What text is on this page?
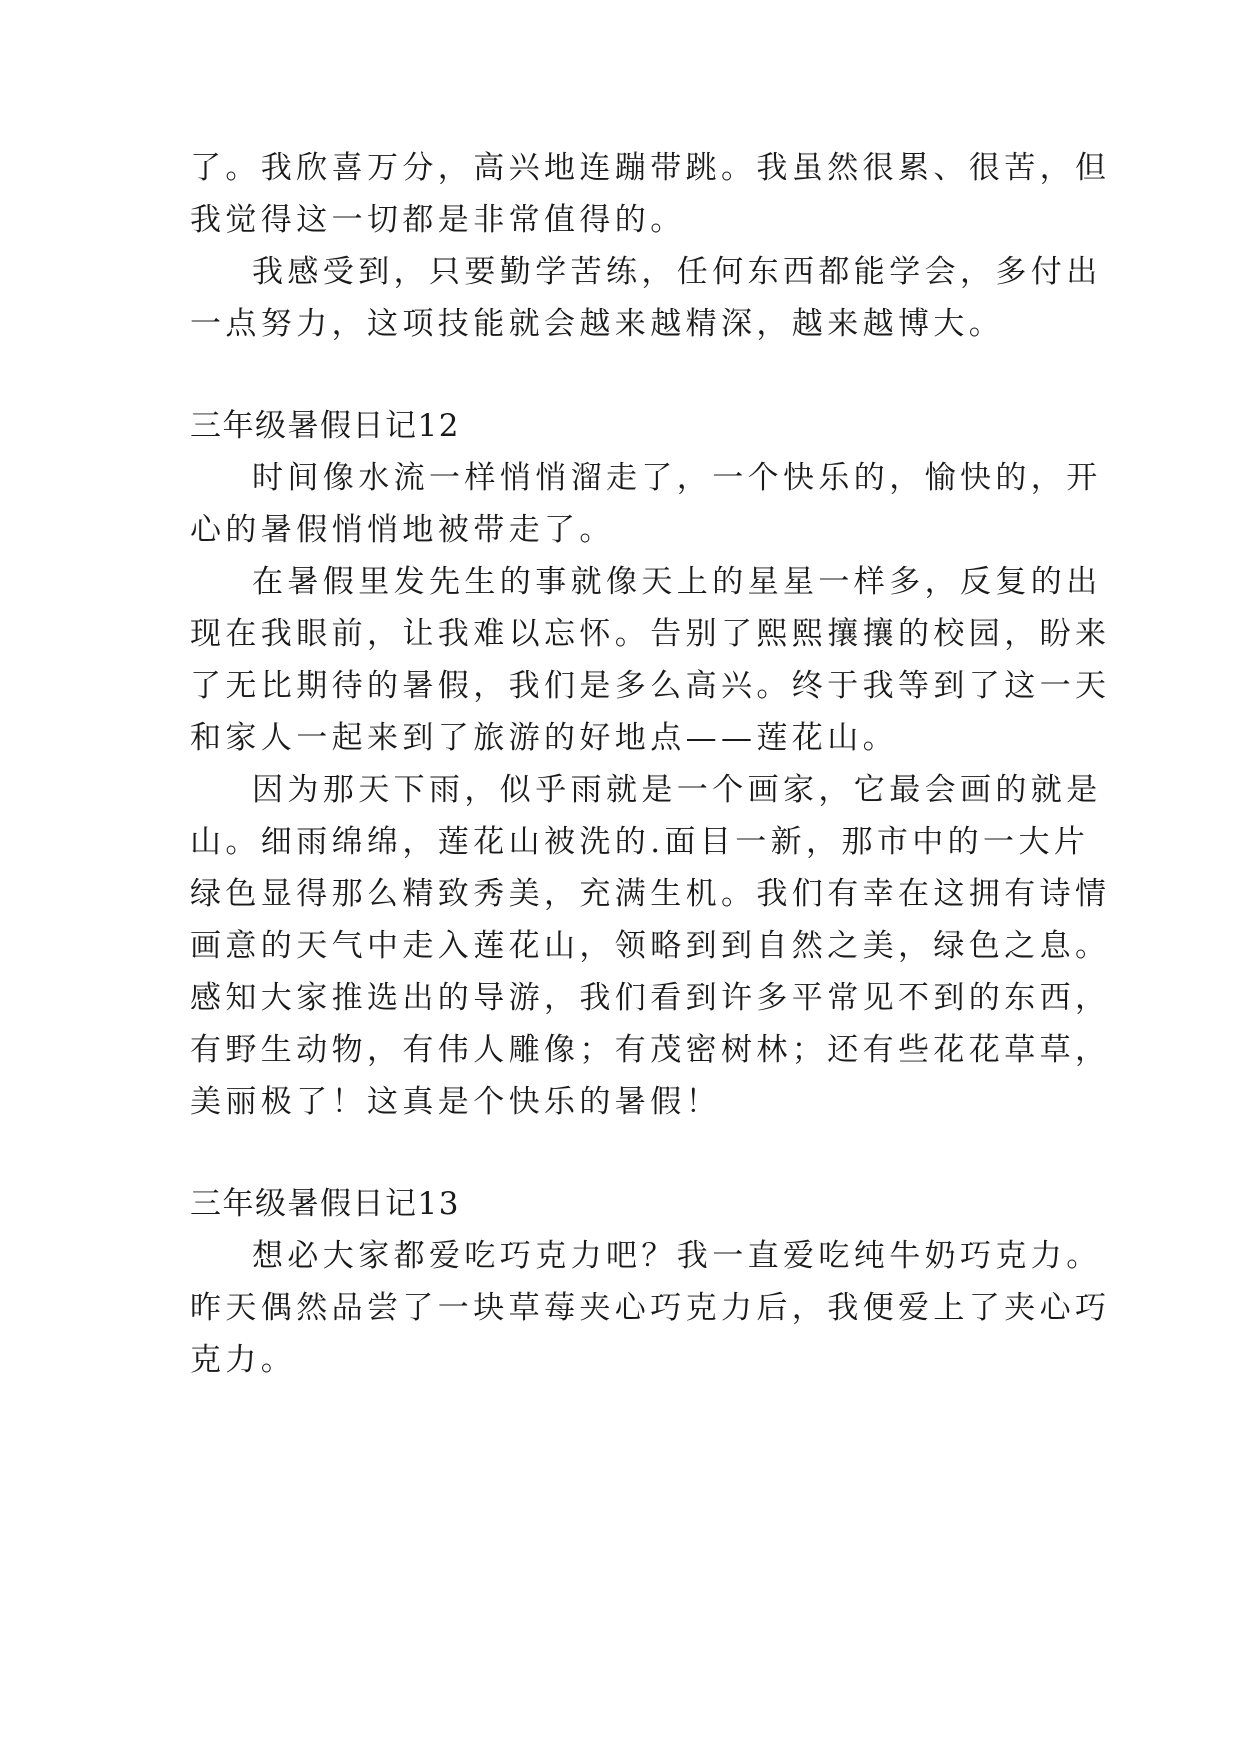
了。我欣喜万分，高兴地连蹦带跳。我虽然很累、很苦，但
我觉得这一切都是非常值得的。
我感受到，只要勤学苦练，任何东西都能学会，多付出
一点努力，这项技能就会越来越精深，越来越博大。
三年级暑假日记12
时间像水流一样悄悄溜走了，一个快乐的，愉快的，开
心的暑假悄悄地被带走了。
在暑假里发先生的事就像天上的星星一样多，反复的出
现在我眼前，让我难以忘怀。告别了熙熙攘攘的校园，盼来
了无比期待的暑假，我们是多么高兴。终于我等到了这一天
和家人一起来到了旅游的好地点——莲花山。
因为那天下雨，似乎雨就是一个画家，它最会画的就是
山。细雨绵绵，莲花山被洗的.面目一新，那市中的一大片
绿色显得那么精致秀美，充满生机。我们有幸在这拥有诗情
画意的天气中走入莲花山，领略到到自然之美，绿色之息。
感知大家推选出的导游，我们看到许多平常见不到的东西，
有野生动物，有伟人雕像；有茂密树林；还有些花花草草，
美丽极了！这真是个快乐的暑假！
三年级暑假日记13
想必大家都爱吃巧克力吧？我一直爱吃纯牛奶巧克力。
昨天偶然品尝了一块草莓夹心巧克力后，我便爱上了夹心巧
克力。
